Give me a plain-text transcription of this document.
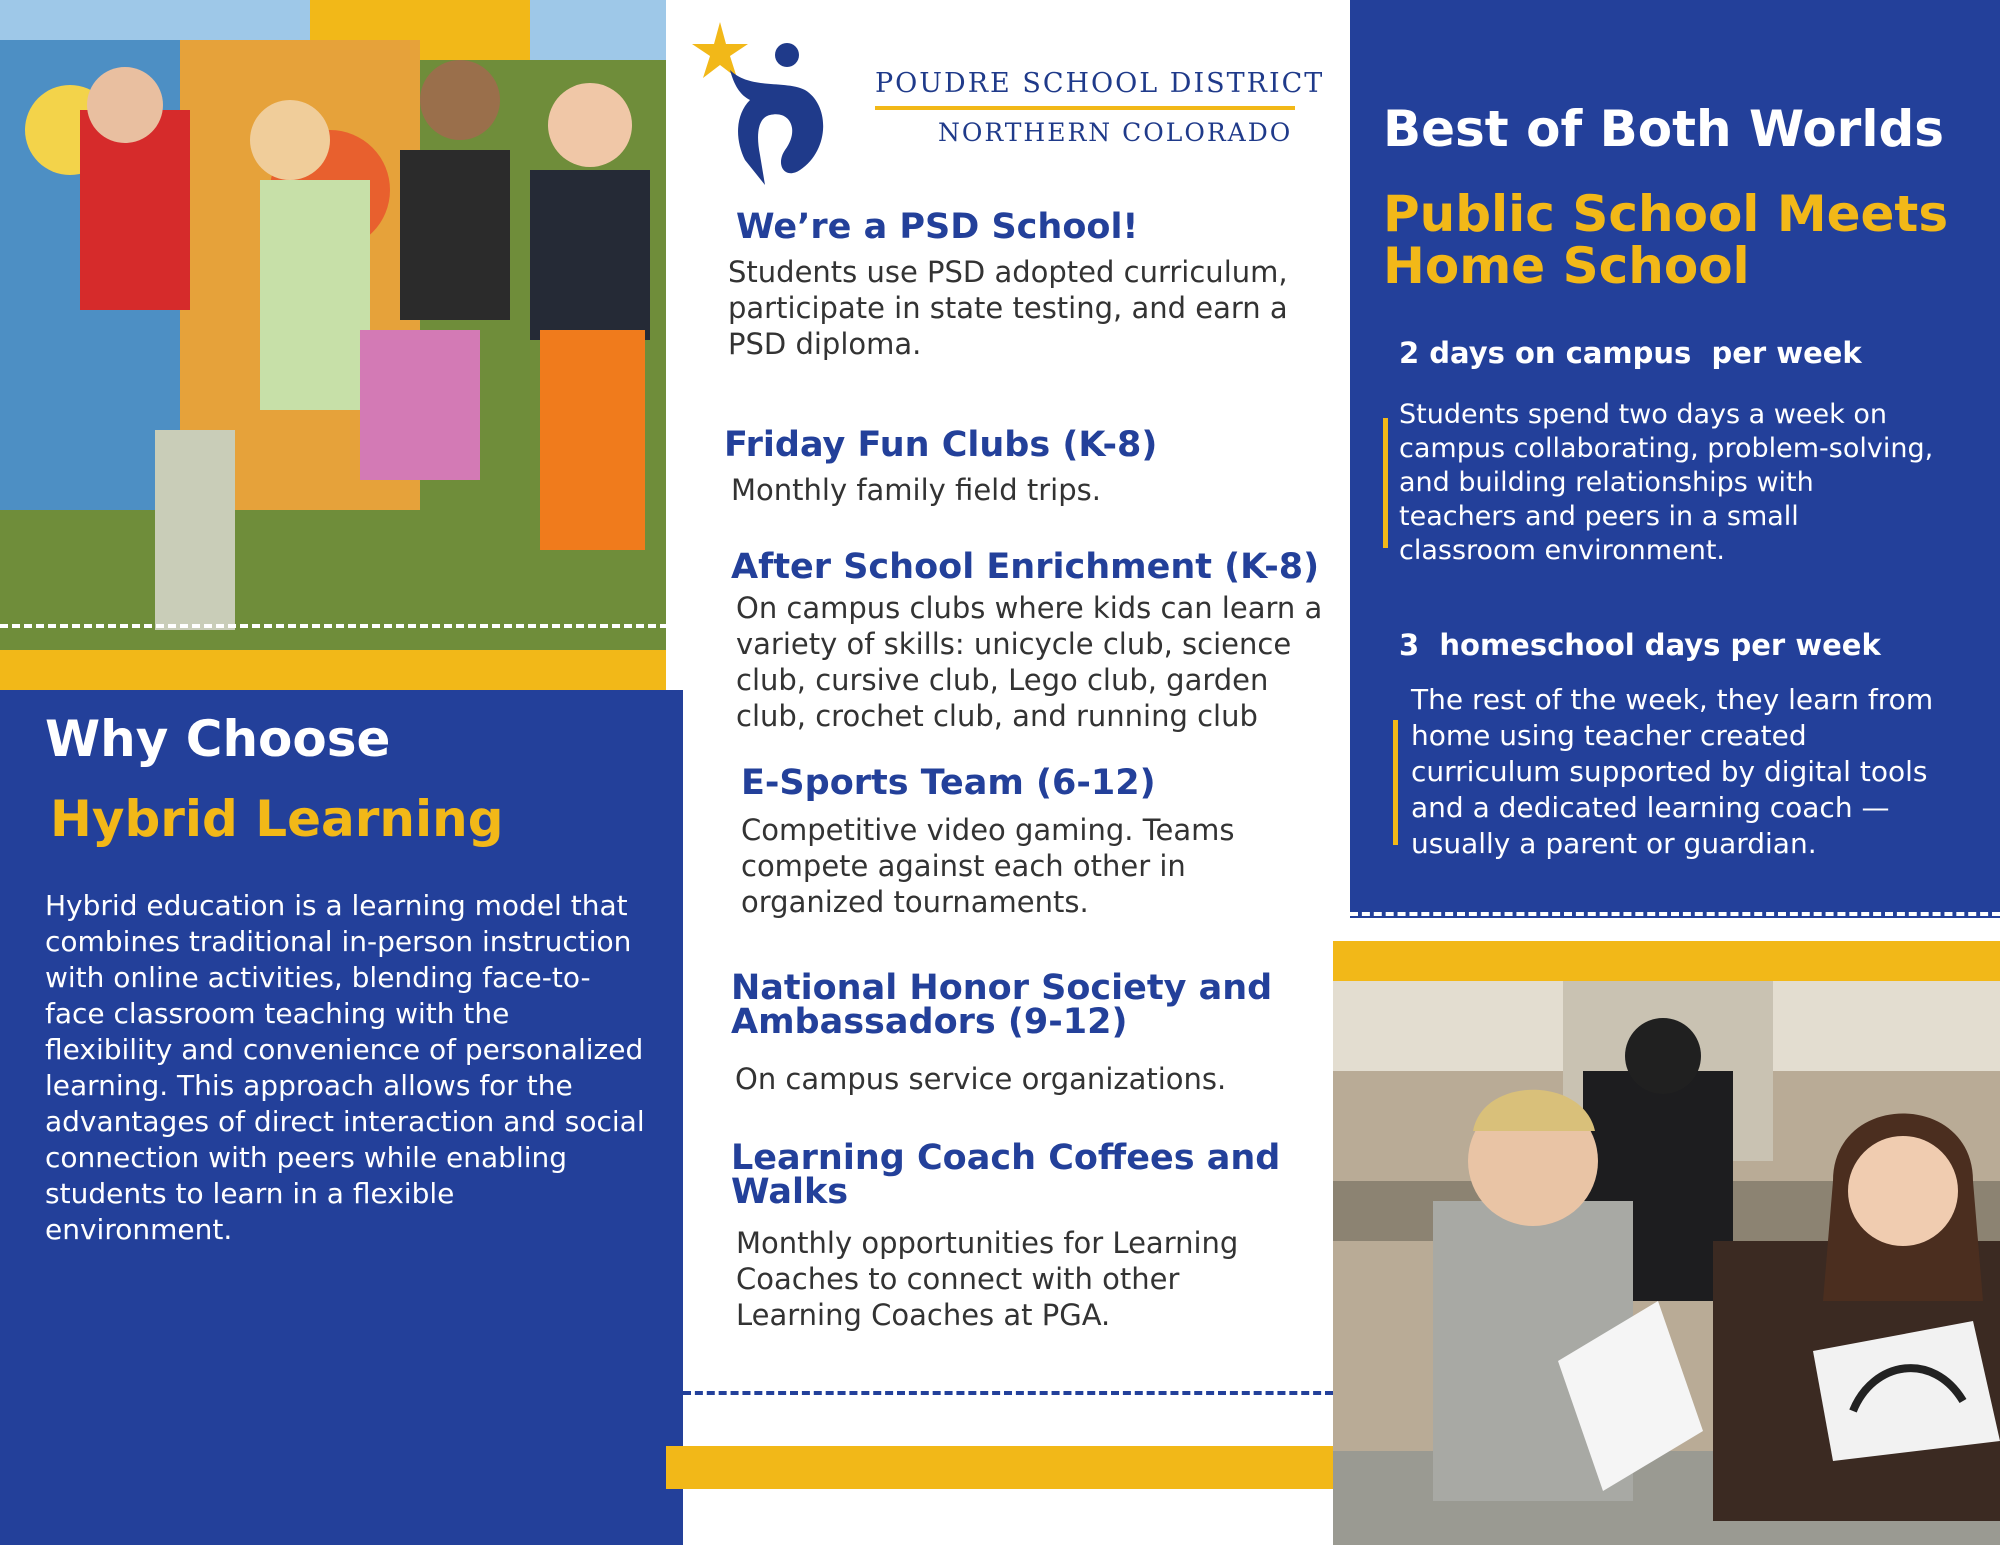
Why Choose
Hybrid Learning
Hybrid education is a learning model that combines traditional in-person instruction with online activities, blending face-to-face classroom teaching with the flexibility and convenience of personalized learning. This approach allows for the advantages of direct interaction and social connection with peers while enabling students to learn in a flexible environment.
POUDRE SCHOOL DISTRICT
NORTHERN COLORADO

We’re a PSD School!

Students use PSD adopted curriculum, participate in state testing, and earn a PSD diploma.

Friday Fun Clubs (K-8)

Monthly family field trips.

After School Enrichment (K-8)

On campus clubs where kids can learn a variety of skills: unicycle club, science club, cursive club, Lego club, garden club, crochet club, and running club

E-Sports Team (6-12)

Competitive video gaming. Teams compete against each other in organized tournaments.

National Honor Society and Ambassadors (9-12)

On campus service organizations.

Learning Coach Coffees and Walks

Monthly opportunities for Learning Coaches to connect with other Learning Coaches at PGA.

Best of Both Worlds
Public School Meets Home School
2 days on campus  per week
Students spend two days a week on campus collaborating, problem-solving, and building relationships with teachers and peers in a small classroom environment.
3  homeschool days per week
The rest of the week, they learn from home using teacher created curriculum supported by digital tools and a dedicated learning coach — usually a parent or guardian.
